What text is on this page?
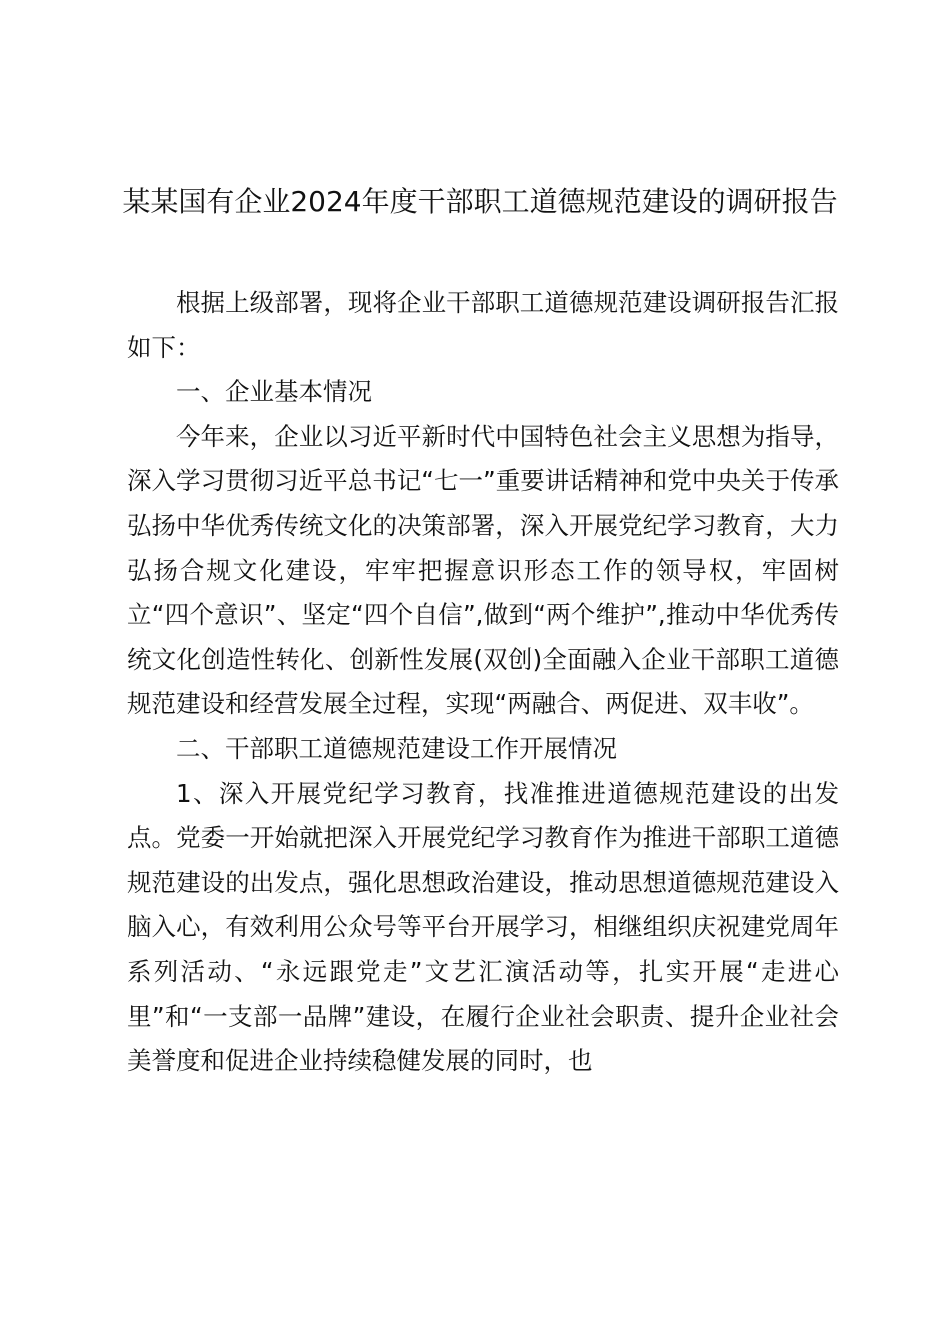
某某国有企业2024年度干部职工道德规范建设的调研报告

根据上级部署，现将企业干部职工道德规范建设调研报告汇报如下：

一、企业基本情况

今年来，企业以习近平新时代中国特色社会主义思想为指导，深入学习贯彻习近平总书记“七一”重要讲话精神和党中央关于传承弘扬中华优秀传统文化的决策部署，深入开展党纪学习教育，大力弘扬合规文化建设，牢牢把握意识形态工作的领导权，牢固树立“四个意识”、坚定“四个自信”,做到“两个维护”,推动中华优秀传统文化创造性转化、创新性发展(双创)全面融入企业干部职工道德规范建设和经营发展全过程，实现“两融合、两促进、双丰收”。

二、干部职工道德规范建设工作开展情况

1、深入开展党纪学习教育，找准推进道德规范建设的出发点。党委一开始就把深入开展党纪学习教育作为推进干部职工道德规范建设的出发点，强化思想政治建设，推动思想道德规范建设入脑入心，有效利用公众号等平台开展学习，相继组织庆祝建党周年系列活动、“永远跟党走”文艺汇演活动等，扎实开展“走进心里”和“一支部一品牌”建设，在履行企业社会职责、提升企业社会美誉度和促进企业持续稳健发展的同时，也
